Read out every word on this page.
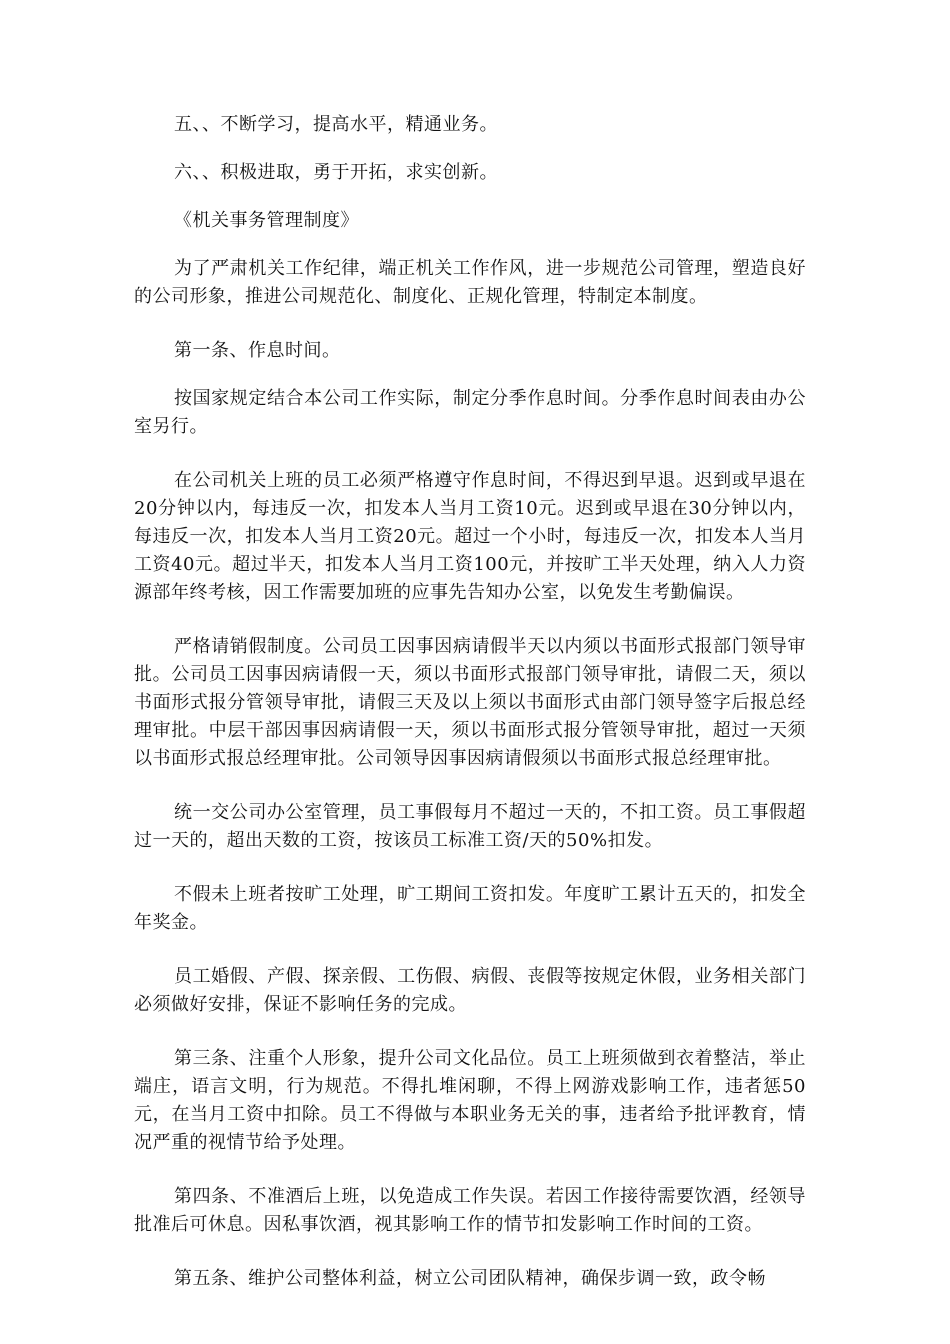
五、、不断学习，提高水平，精通业务。

六、、积极进取，勇于开拓，求实创新。

《机关事务管理制度》

为了严肃机关工作纪律，端正机关工作作风，进一步规范公司管理，塑造良好的公司形象，推进公司规范化、制度化、正规化管理，特制定本制度。

第一条、作息时间。

按国家规定结合本公司工作实际，制定分季作息时间。分季作息时间表由办公室另行。

在公司机关上班的员工必须严格遵守作息时间，不得迟到早退。迟到或早退在20分钟以内，每违反一次，扣发本人当月工资10元。迟到或早退在30分钟以内，每违反一次，扣发本人当月工资20元。超过一个小时，每违反一次，扣发本人当月工资40元。超过半天，扣发本人当月工资100元，并按旷工半天处理，纳入人力资源部年终考核，因工作需要加班的应事先告知办公室，以免发生考勤偏误。

严格请销假制度。公司员工因事因病请假半天以内须以书面形式报部门领导审批。公司员工因事因病请假一天，须以书面形式报部门领导审批，请假二天，须以书面形式报分管领导审批，请假三天及以上须以书面形式由部门领导签字后报总经理审批。中层干部因事因病请假一天，须以书面形式报分管领导审批，超过一天须以书面形式报总经理审批。公司领导因事因病请假须以书面形式报总经理审批。

统一交公司办公室管理，员工事假每月不超过一天的，不扣工资。员工事假超过一天的，超出天数的工资，按该员工标准工资/天的50%扣发。

不假未上班者按旷工处理，旷工期间工资扣发。年度旷工累计五天的，扣发全年奖金。

员工婚假、产假、探亲假、工伤假、病假、丧假等按规定休假，业务相关部门必须做好安排，保证不影响任务的完成。

第三条、注重个人形象，提升公司文化品位。员工上班须做到衣着整洁，举止端庄，语言文明，行为规范。不得扎堆闲聊，不得上网游戏影响工作，违者惩50元，在当月工资中扣除。员工不得做与本职业务无关的事，违者给予批评教育，情况严重的视情节给予处理。

第四条、不准酒后上班，以免造成工作失误。若因工作接待需要饮酒，经领导批准后可休息。因私事饮酒，视其影响工作的情节扣发影响工作时间的工资。

第五条、维护公司整体利益，树立公司团队精神，确保步调一致，政令畅
